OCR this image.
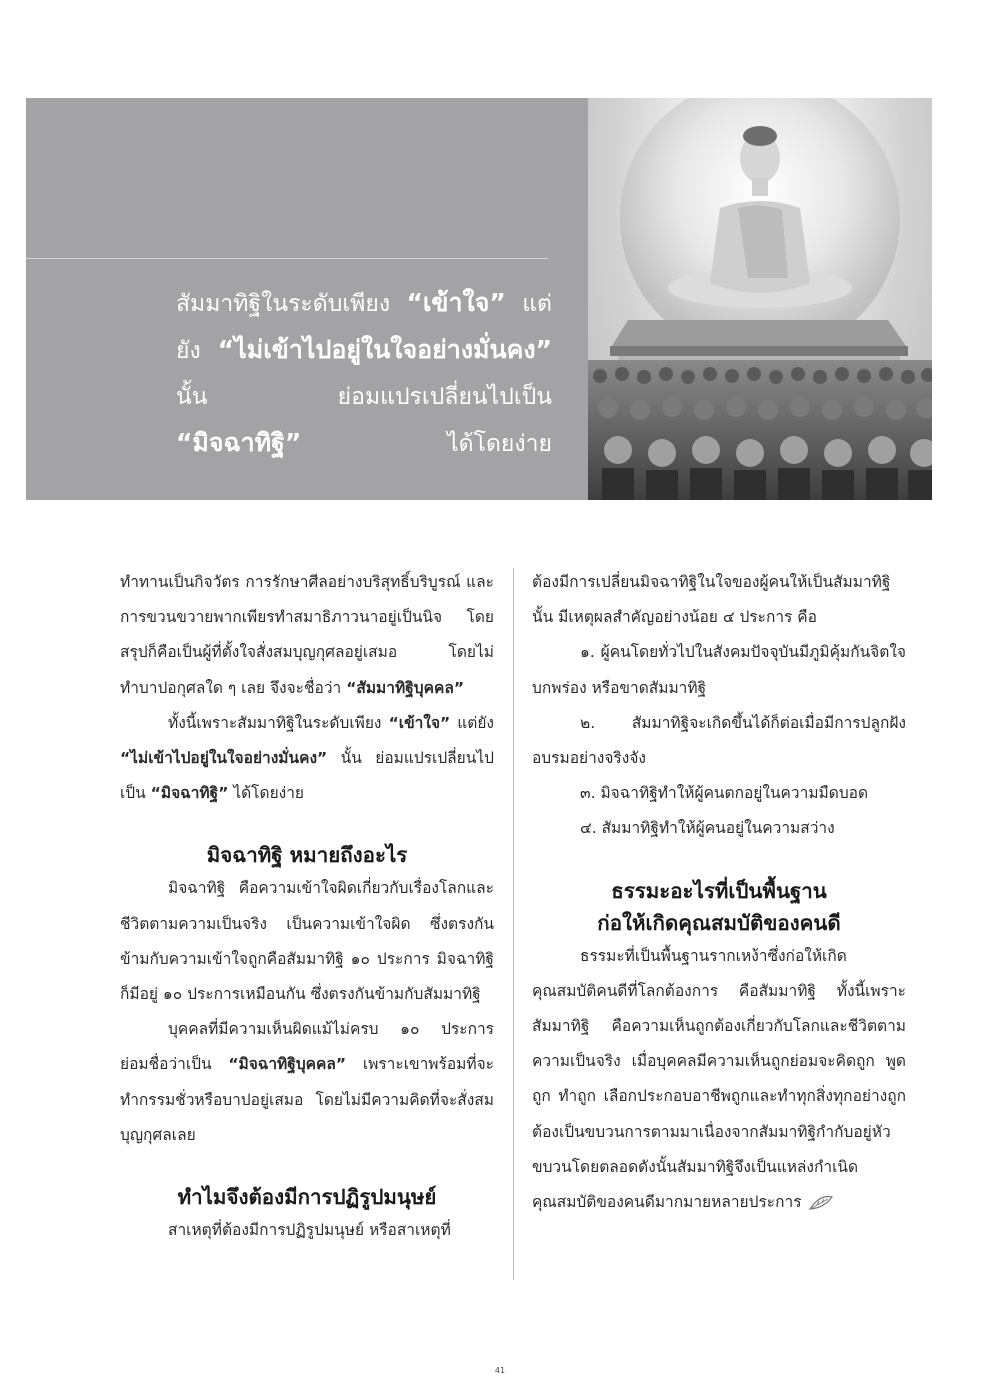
สัมมาทิฐิในระดับเพียง “เข้าใจ” แต่ยัง “ไม่เข้าไปอยู่ในใจอย่างมั่นคง” นั้น ย่อมแปรเปลี่ยนไปเป็น “มิจฉาทิฐิ” ได้โดยง่าย

ทำทานเป็นกิจวัตร การรักษาศีลอย่างบริสุทธิ์บริบูรณ์ และการขวนขวายพากเพียรทำสมาธิภาวนาอยู่เป็นนิจ โดยสรุปก็คือเป็นผู้ที่ตั้งใจสั่งสมบุญกุศลอยู่เสมอ โดยไม่ทำบาปอกุศลใด ๆ เลย จึงจะชื่อว่า “สัมมาทิฐิบุคคล”

ทั้งนี้เพราะสัมมาทิฐิในระดับเพียง “เข้าใจ” แต่ยัง “ไม่เข้าไปอยู่ในใจอย่างมั่นคง” นั้น ย่อมแปรเปลี่ยนไปเป็น “มิจฉาทิฐิ” ได้โดยง่าย

มิจฉาทิฐิ หมายถึงอะไร

มิจฉาทิฐิ คือความเข้าใจผิดเกี่ยวกับเรื่องโลกและชีวิตตามความเป็นจริง เป็นความเข้าใจผิด ซึ่งตรงกันข้ามกับความเข้าใจถูกคือสัมมาทิฐิ ๑๐ ประการ มิจฉาทิฐิก็มีอยู่ ๑๐ ประการเหมือนกัน ซึ่งตรงกันข้ามกับสัมมาทิฐิ

บุคคลที่มีความเห็นผิดแม้ไม่ครบ ๑๐ ประการ ย่อมชื่อว่าเป็น “มิจฉาทิฐิบุคคล” เพราะเขาพร้อมที่จะทำกรรมชั่วหรือบาปอยู่เสมอ โดยไม่มีความคิดที่จะสั่งสมบุญกุศลเลย

ทำไมจึงต้องมีการปฏิรูปมนุษย์

สาเหตุที่ต้องมีการปฏิรูปมนุษย์ หรือสาเหตุที่

ต้องมีการเปลี่ยนมิจฉาทิฐิในใจของผู้คนให้เป็นสัมมาทิฐินั้น มีเหตุผลสำคัญอย่างน้อย ๔ ประการ คือ

๑. ผู้คนโดยทั่วไปในสังคมปัจจุบันมีภูมิคุ้มกันจิตใจบกพร่อง หรือขาดสัมมาทิฐิ

๒. สัมมาทิฐิจะเกิดขึ้นได้ก็ต่อเมื่อมีการปลูกฝังอบรมอย่างจริงจัง

๓. มิจฉาทิฐิทำให้ผู้คนตกอยู่ในความมืดบอด

๔. สัมมาทิฐิทำให้ผู้คนอยู่ในความสว่าง

ธรรมะอะไรที่เป็นพื้นฐาน
ก่อให้เกิดคุณสมบัติของคนดี

ธรรมะที่เป็นพื้นฐานรากเหง้าซึ่งก่อให้เกิดคุณสมบัติคนดีที่โลกต้องการ คือสัมมาทิฐิ ทั้งนี้เพราะสัมมาทิฐิ คือความเห็นถูกต้องเกี่ยวกับโลกและชีวิตตามความเป็นจริง เมื่อบุคคลมีความเห็นถูกย่อมจะคิดถูก พูดถูก ทำถูก เลือกประกอบอาชีพถูกและทำทุกสิ่งทุกอย่างถูกต้องเป็นขบวนการตามมาเนื่องจากสัมมาทิฐิกำกับอยู่หัวขบวนโดยตลอดดังนั้นสัมมาทิฐิจึงเป็นแหล่งกำเนิดคุณสมบัติของคนดีมากมายหลายประการ

41
